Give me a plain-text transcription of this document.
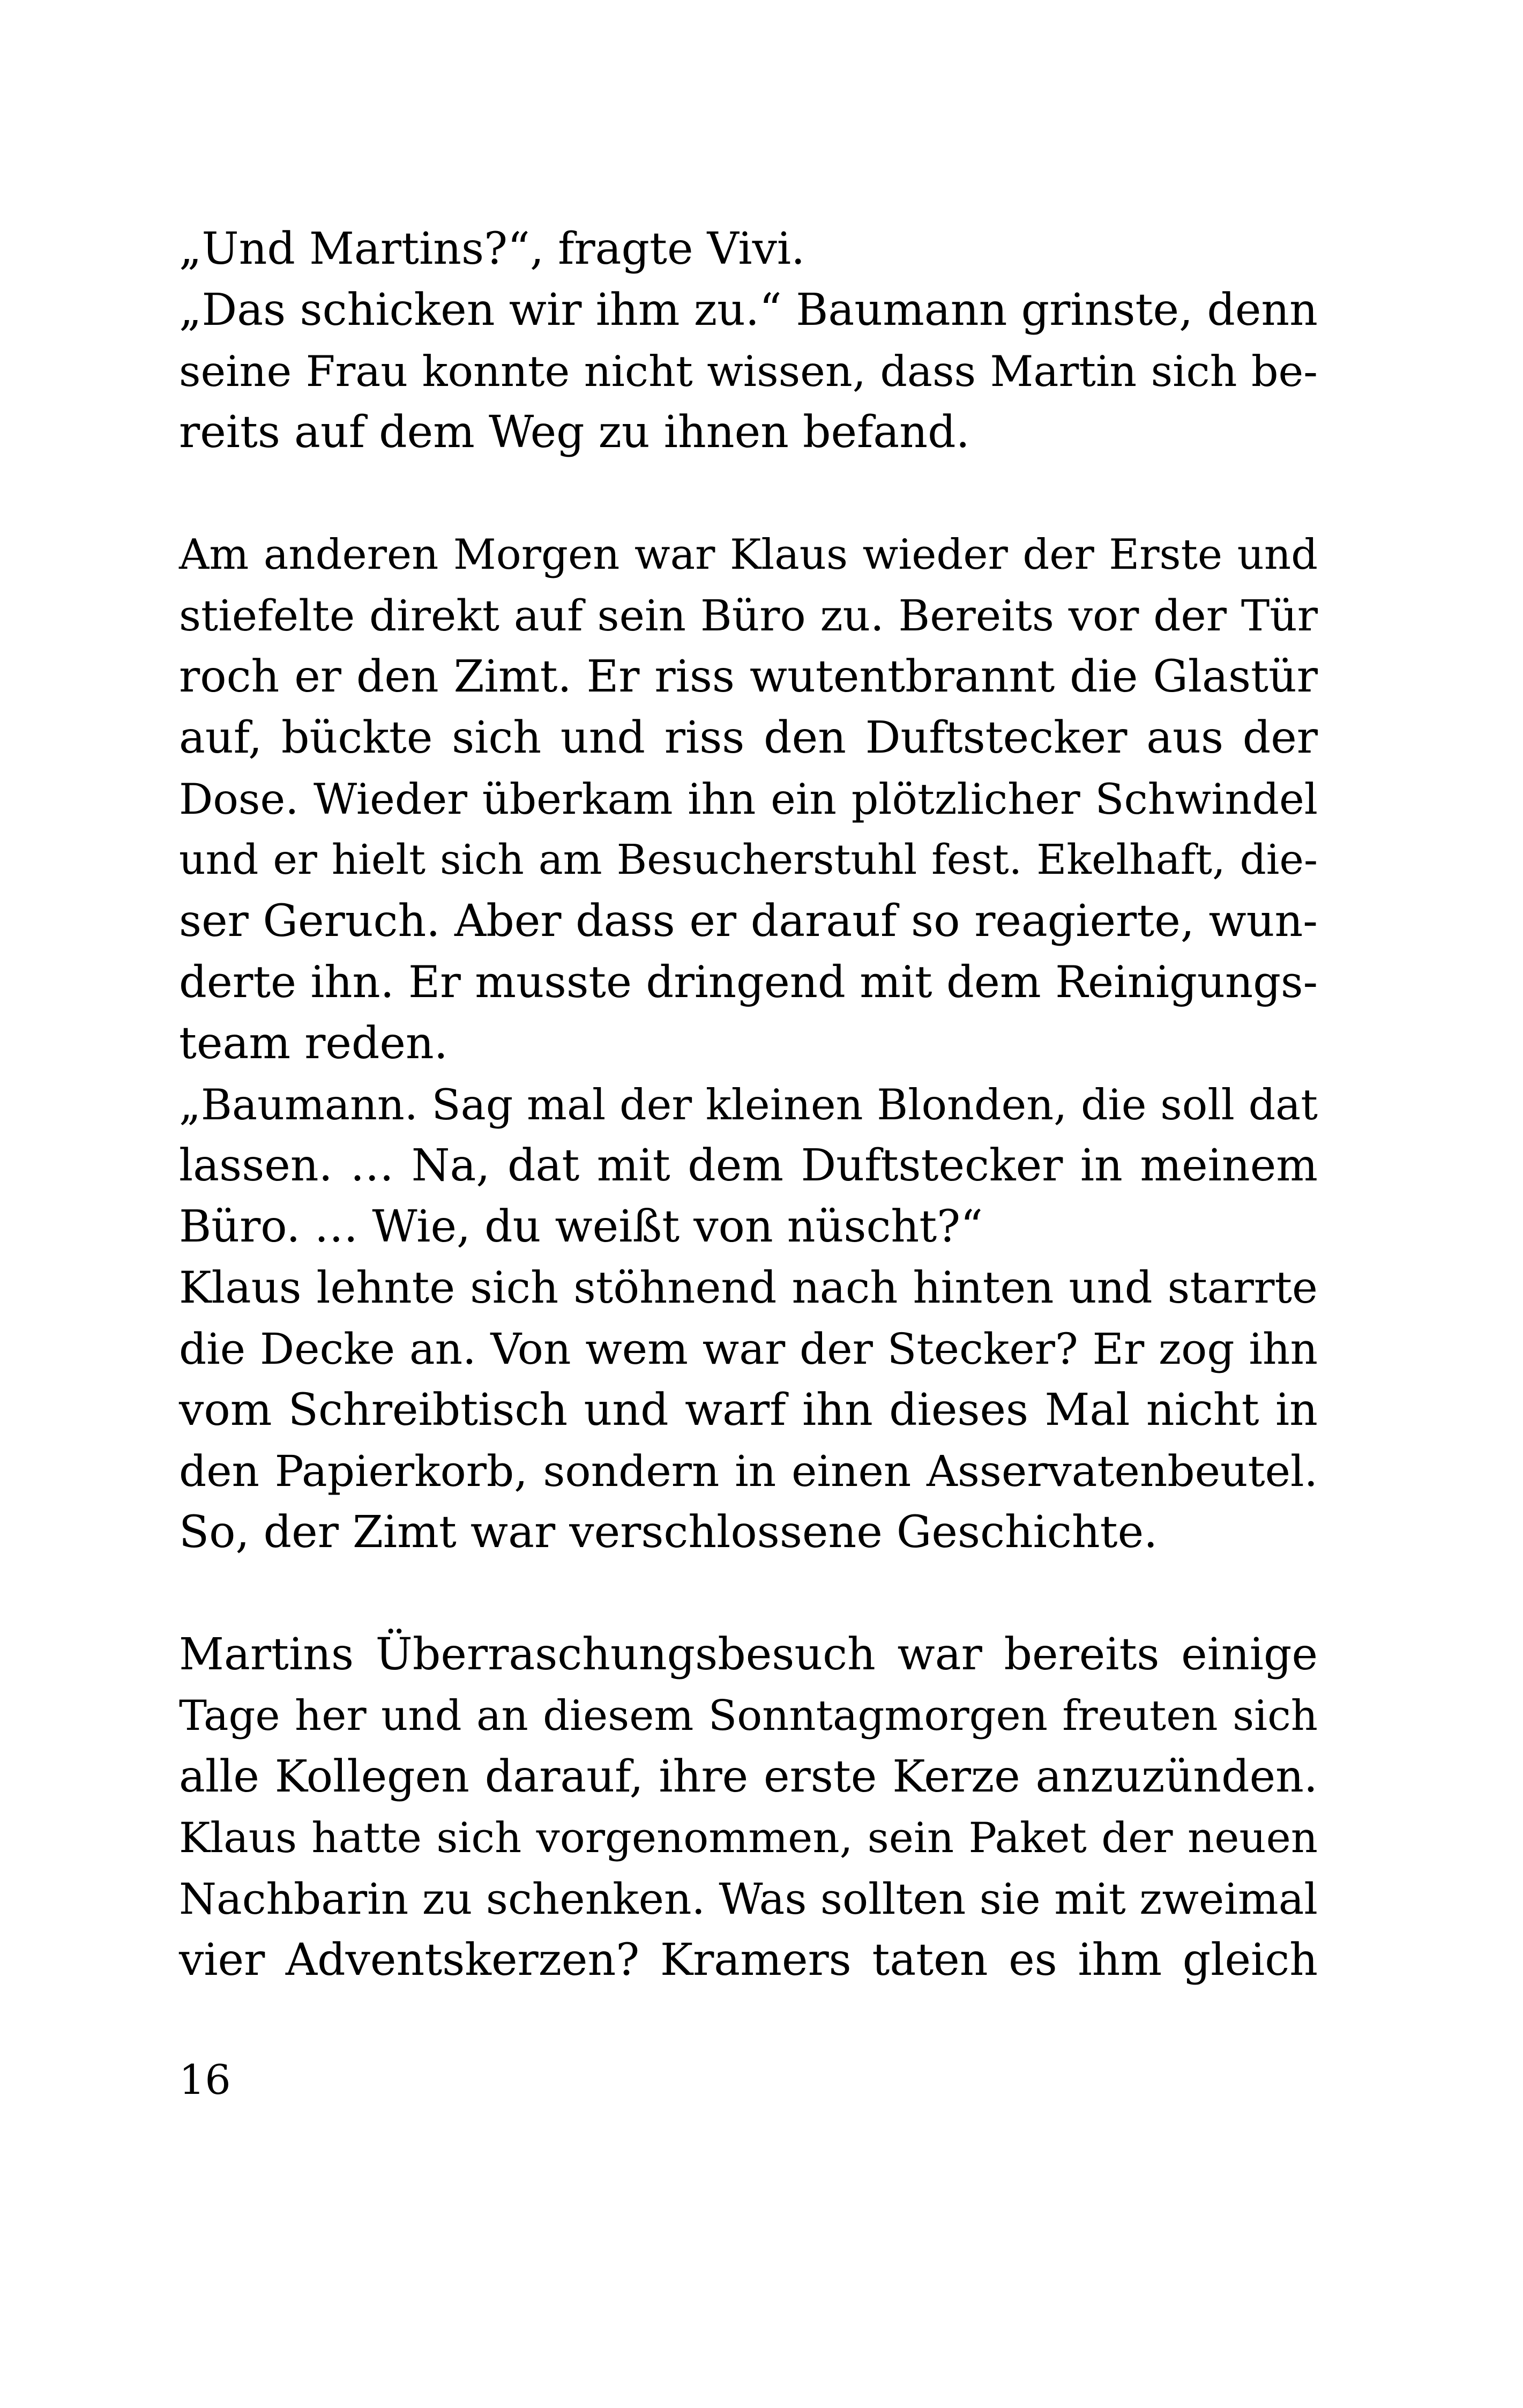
„Und Martins?“, fragte Vivi.
„Das schicken wir ihm zu.“ Baumann grinste, denn
seine Frau konnte nicht wissen, dass Martin sich be-
reits auf dem Weg zu ihnen befand.
Am anderen Morgen war Klaus wieder der Erste und
stiefelte direkt auf sein Büro zu. Bereits vor der Tür
roch er den Zimt. Er riss wutentbrannt die Glastür
auf, bückte sich und riss den Duftstecker aus der
Dose. Wieder überkam ihn ein plötzlicher Schwindel
und er hielt sich am Besucherstuhl fest. Ekelhaft, die-
ser Geruch. Aber dass er darauf so reagierte, wun-
derte ihn. Er musste dringend mit dem Reinigungs-
team reden.
„Baumann. Sag mal der kleinen Blonden, die soll dat
lassen. … Na, dat mit dem Duftstecker in meinem
Büro. … Wie, du weißt von nüscht?“
Klaus lehnte sich stöhnend nach hinten und starrte
die Decke an. Von wem war der Stecker? Er zog ihn
vom Schreibtisch und warf ihn dieses Mal nicht in
den Papierkorb, sondern in einen Asservatenbeutel.
So, der Zimt war verschlossene Geschichte.
Martins Überraschungsbesuch war bereits einige
Tage her und an diesem Sonntagmorgen freuten sich
alle Kollegen darauf, ihre erste Kerze anzuzünden.
Klaus hatte sich vorgenommen, sein Paket der neuen
Nachbarin zu schenken. Was sollten sie mit zweimal
vier Adventskerzen? Kramers taten es ihm gleich
16
